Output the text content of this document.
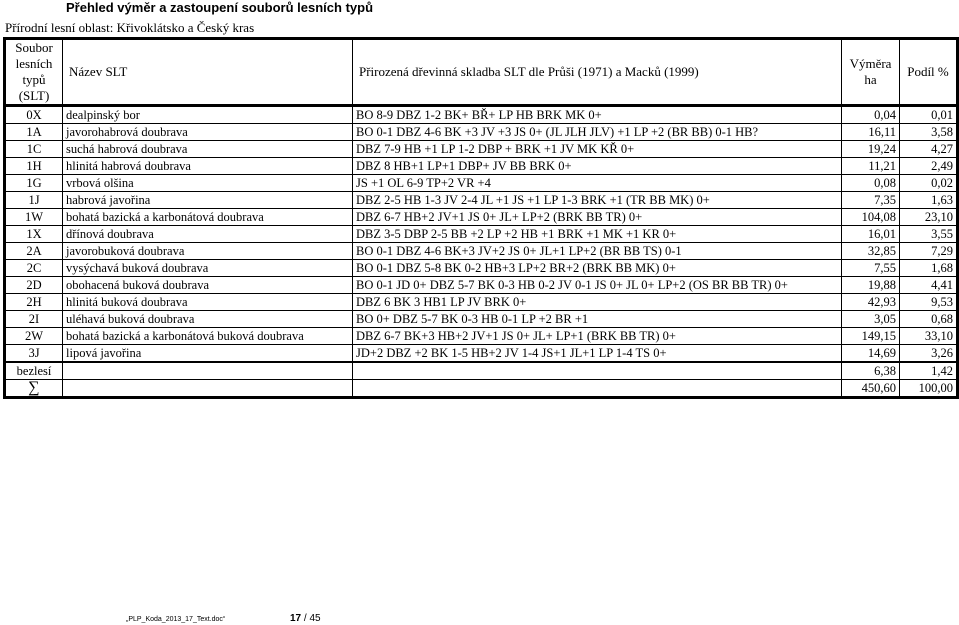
Přehled výměr a zastoupení souborů lesních typů
Přírodní lesní oblast: Křivoklátsko a Český kras
Soubor lesních typů (SLT)	Název SLT	Přirozená dřevinná skladba SLT dle Průši (1971) a Macků (1999)	Výměra ha	Podíl %
0X	dealpinský bor	BO 8-9 DBZ 1-2 BK+ BŘ+ LP HB BRK MK 0+	0,04	0,01
1A	javorohabrová doubrava	BO 0-1 DBZ 4-6 BK +3 JV +3 JS 0+ (JL JLH JLV) +1 LP +2 (BR BB) 0-1 HB?	16,11	3,58
1C	suchá habrová doubrava	DBZ 7-9 HB +1 LP 1-2 DBP + BRK +1 JV MK KŘ 0+	19,24	4,27
1H	hlinitá habrová doubrava	DBZ 8 HB+1 LP+1 DBP+ JV BB BRK 0+	11,21	2,49
1G	vrbová olšina	JS +1 OL 6-9 TP+2 VR +4	0,08	0,02
1J	habrová javořina	DBZ 2-5 HB 1-3 JV 2-4 JL +1 JS +1 LP 1-3 BRK +1 (TR BB MK) 0+	7,35	1,63
1W	bohatá bazická a karbonátová doubrava	DBZ 6-7 HB+2 JV+1 JS 0+ JL+ LP+2 (BRK BB TR) 0+	104,08	23,10
1X	dřínová doubrava	DBZ 3-5 DBP 2-5 BB +2 LP +2 HB +1 BRK +1 MK +1 KR 0+	16,01	3,55
2A	javorobuková doubrava	BO 0-1 DBZ 4-6 BK+3 JV+2 JS 0+ JL+1 LP+2 (BR BB TS) 0-1	32,85	7,29
2C	vysýchavá buková doubrava	BO 0-1 DBZ 5-8 BK 0-2 HB+3 LP+2 BR+2 (BRK BB MK) 0+	7,55	1,68
2D	obohacená buková doubrava	BO 0-1 JD 0+ DBZ 5-7 BK 0-3 HB 0-2 JV 0-1 JS 0+ JL 0+ LP+2 (OS BR BB TR) 0+	19,88	4,41
2H	hlinitá buková doubrava	DBZ 6 BK 3 HB1 LP JV BRK 0+	42,93	9,53
2I	uléhavá buková doubrava	BO 0+ DBZ 5-7 BK 0-3 HB 0-1 LP +2 BR +1	3,05	0,68
2W	bohatá bazická a karbonátová buková doubrava	DBZ 6-7 BK+3 HB+2 JV+1 JS 0+ JL+ LP+1 (BRK BB TR) 0+	149,15	33,10
3J	lipová javořina	JD+2 DBZ +2 BK 1-5 HB+2 JV 1-4 JS+1 JL+1 LP 1-4 TS 0+	14,69	3,26
bezlesí			6,38	1,42
∑			450,60	100,00
„PLP_Koda_2013_17_Text.doc“	17 / 45
